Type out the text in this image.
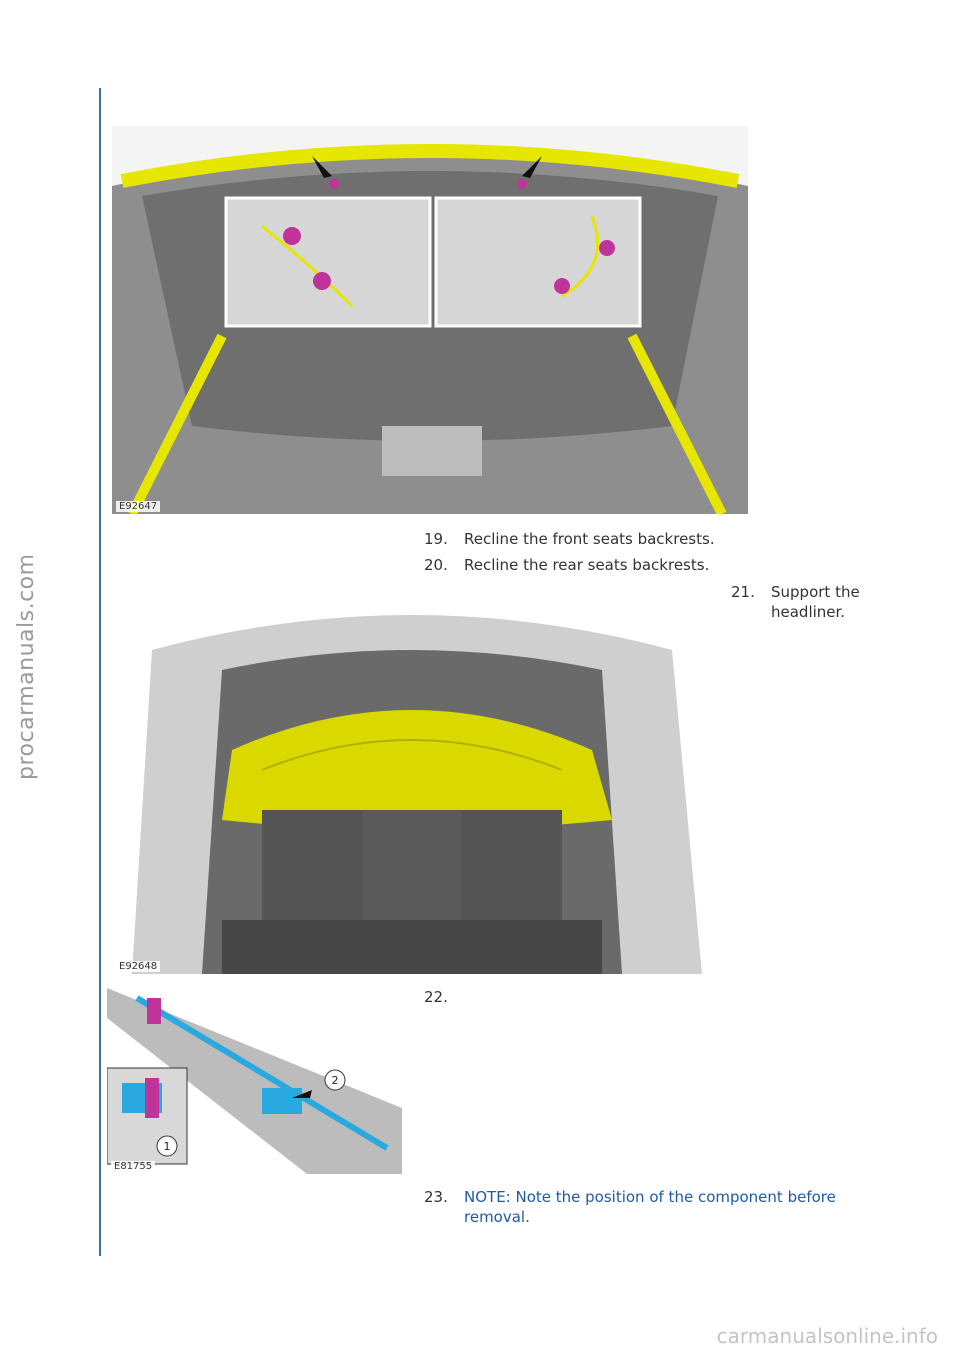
procarmanuals.com
carmanualsonline.info
E92647
19. Recline the front seats backrests.
20. Recline the rear seats backrests.
21. Support the
headliner.
E92648
1
2
E81755
22.
23. NOTE: Note the position of the component before
removal.
